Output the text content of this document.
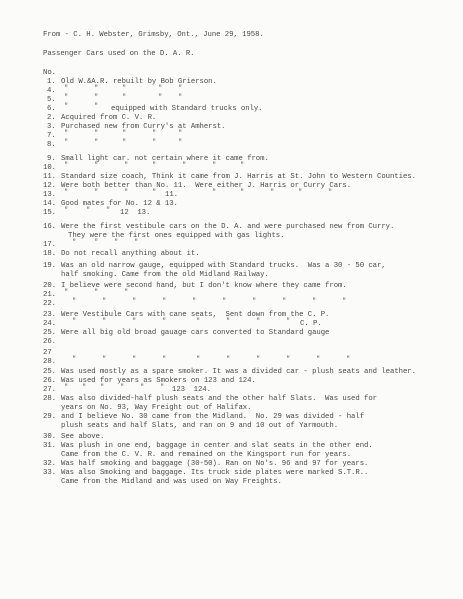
From - C. H. Webster, Grimsby, Ont., June 29, 1958.
Passenger Cars used on the D. A. R.
No.
1. Old W.&A.R. rebuilt by Bob Grierson.
4. "	"	"	" "
5. "	"	"	" "
6. "	" equipped with Standard trucks only.
2. Acquired from C. V. R.
3. Purchased new from Curry's at Amherst.
7. "	"	"	"	"
8. "	"	"	"	"
9. Small light car. not certain where it came from.
10. "	"	"	"	"	"	"
11. Standard size coach, Think it came from J. Harris at St. John to Western Counties.
12. Were both better than No. 11.  Were either J. Harris or Curry Cars.
13. "	"	"	" 11.	"	"	"	"	"
14. Good mates for No. 12 & 13.
15. "	" " 12  13.
16. Were the first vestibule cars on the D. A. and were purchased new from Curry.
They were the first ones equipped with gas lights.
17. "	" " "
18. Do not recall anything about it.
19. Was an old narrow gauge, equipped with Standard trucks.  Was a 30 - 50 car,
half smoking. Came from the old Midland Railway.
20. I believe were second hand, but I don't know where they came from.
21. "	"	"
22. "	"	"	"	"	"	"	"	"	"
23. Were Vestibule Cars with cane seats,  Sent down from the C. P.
24. "	"	"	"	"	"	"	" C. P.
25. Were all big old broad gauage cars converted to Standard gauge
26.
27
28. "	"	"	"	"	"	"	"	"	"
25. Was used mostly as a spare smoker. It was a divided car - plush seats and leather.
26. Was used for years as Smokers on 123 and 124.
27. " " " " " " 123  124.
28. Was also divided-half plush seats and the other half Slats.  Was used for
years on No. 93, Way Freight out of Halifax.
29. and I believe No. 30 came from the Midland.  No. 29 was divided - half
plush seats and half Slats, and ran on 9 and 10 out of Yarmouth.
30. See above.
31. Was plush in one end, baggage in center and slat seats in the other end.
Came from the C. V. R. and remained on the Kingsport run for years.
32. Was half smoking and baggage (30-50). Ran on No's. 96 and 97 for years.
33. Was also Smoking and baggage. Its truck side plates were marked S.T.R..
Came from the Midland and was used on Way Freights.
